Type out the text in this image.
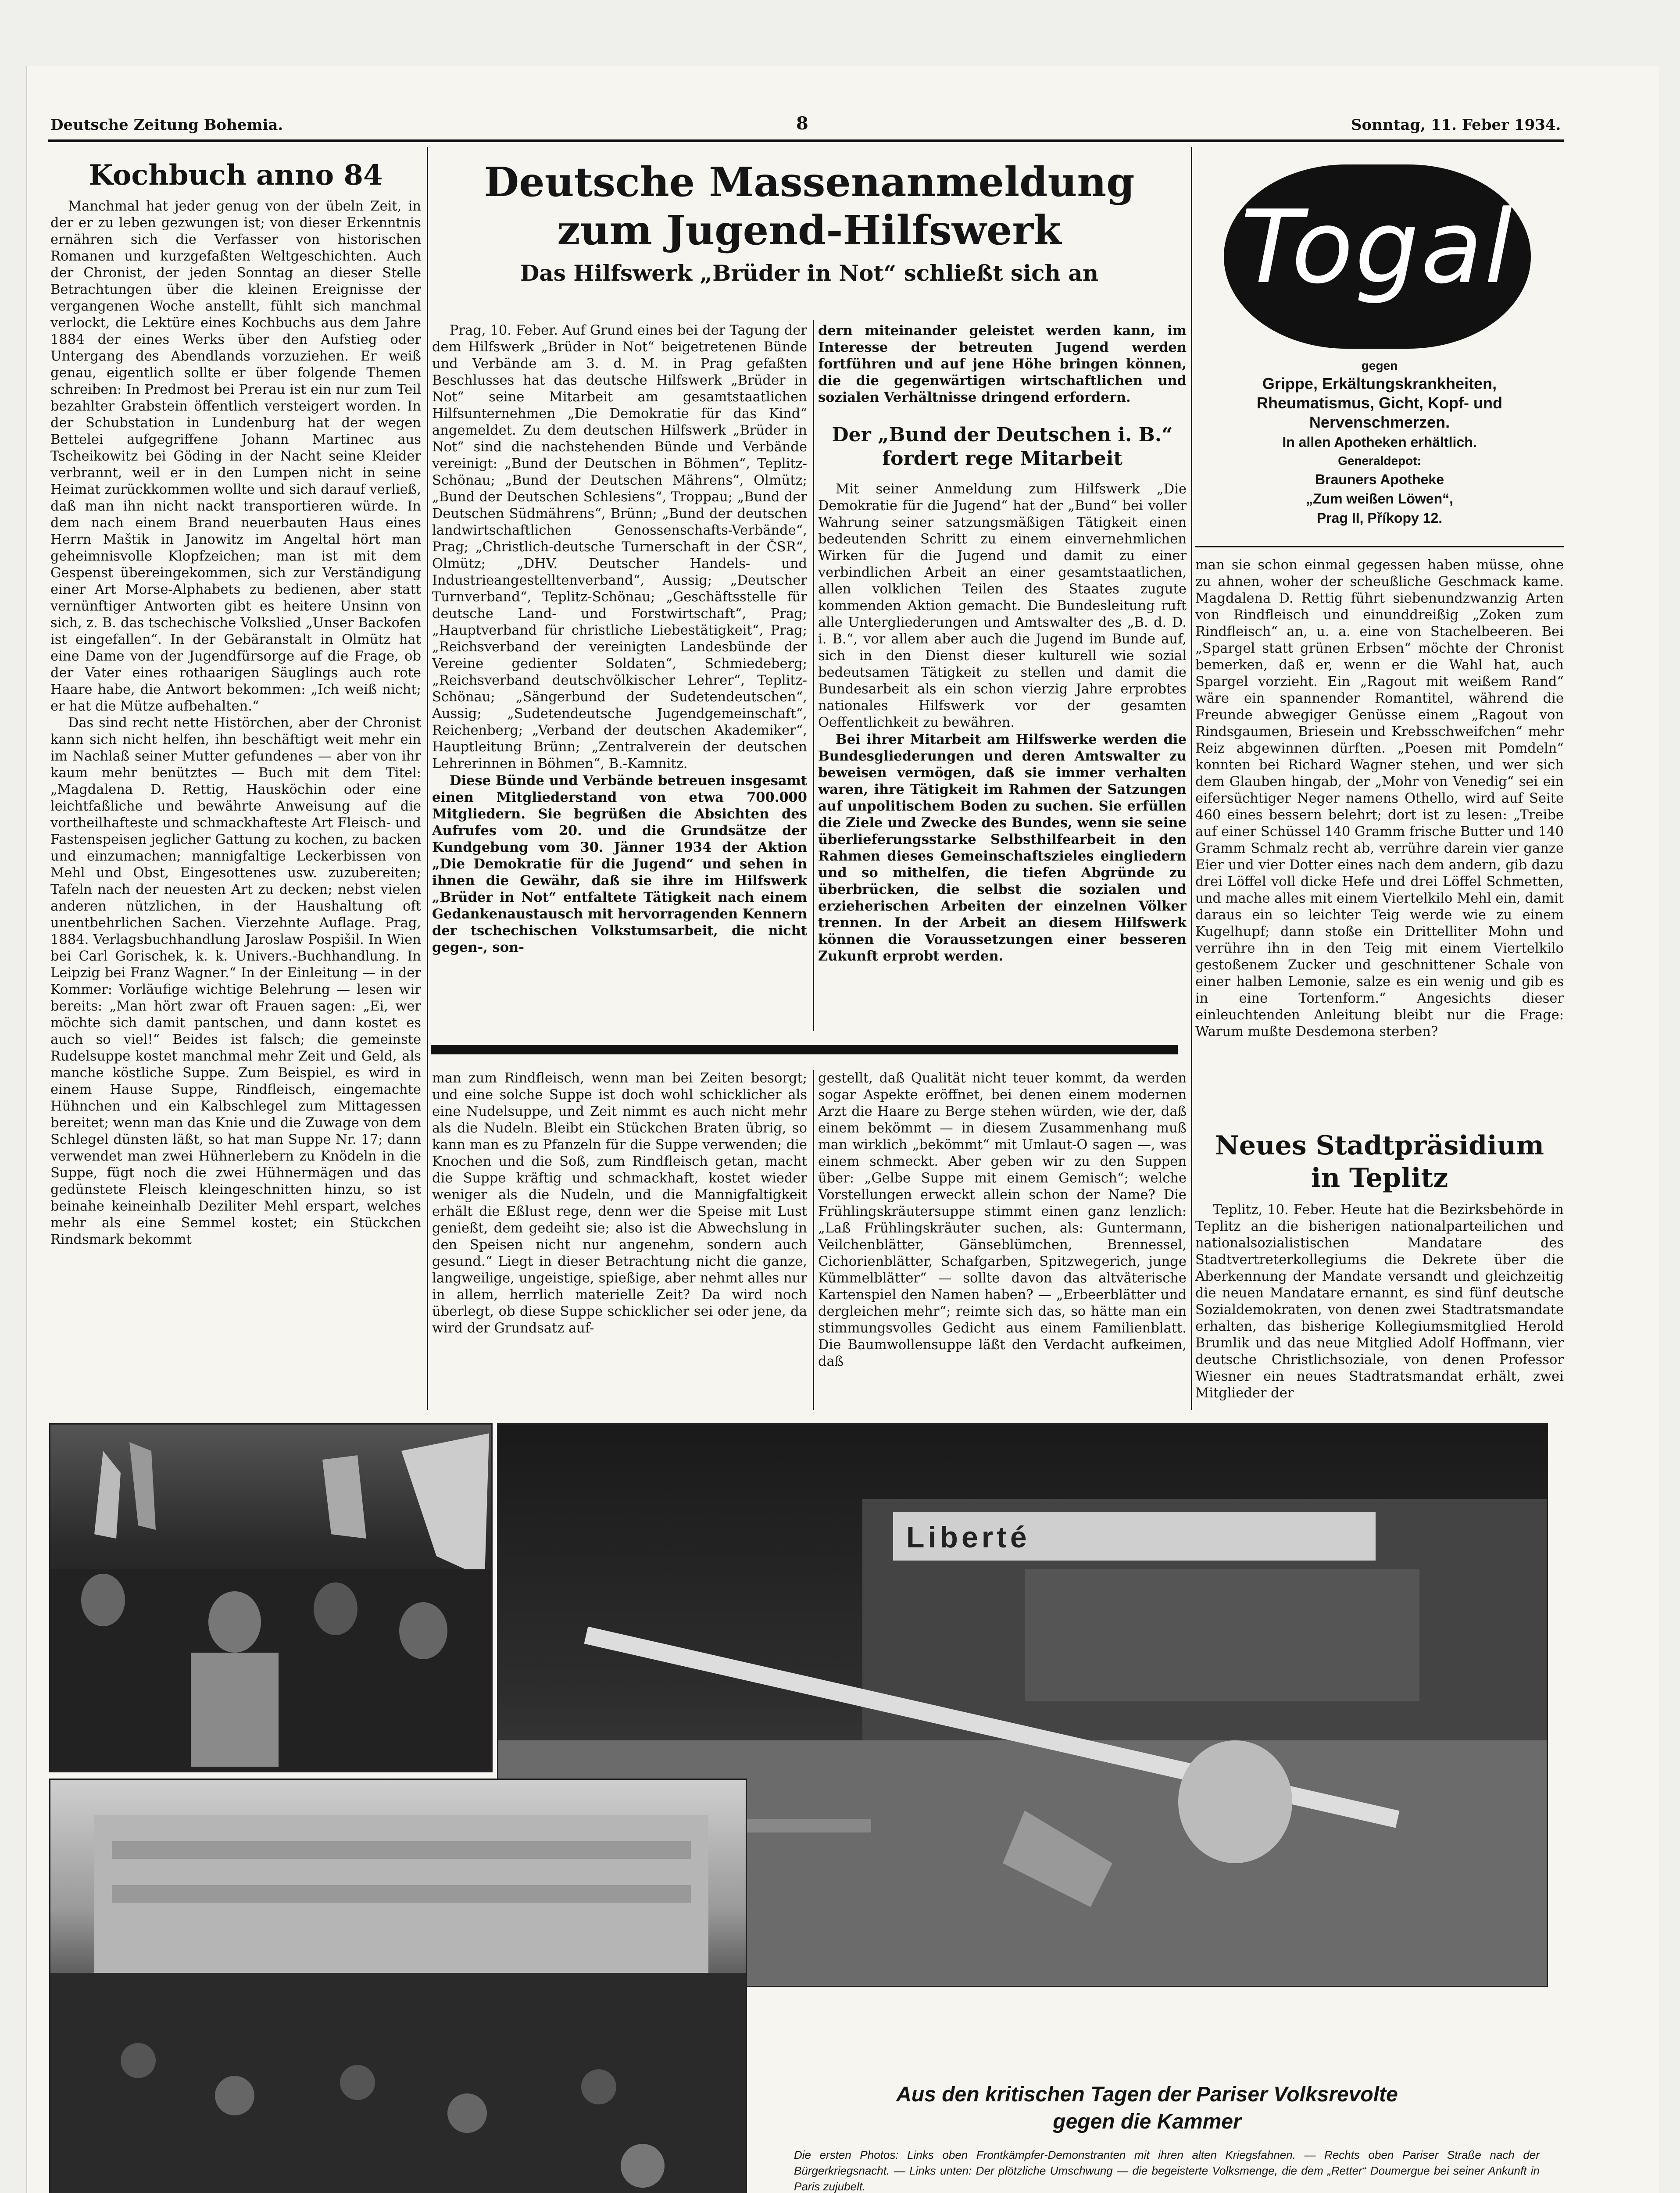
Deutsche Zeitung Bohemia.	8	Sonntag, 11. Feber 1934.
Kochbuch anno 84

Manchmal hat jeder genug von der übeln Zeit, in der er zu leben gezwungen ist; von dieser Erkenntnis ernähren sich die Verfasser von historischen Romanen und kurzgefaßten Weltgeschichten. Auch der Chronist, der jeden Sonntag an dieser Stelle Betrachtungen über die kleinen Ereignisse der vergangenen Woche anstellt, fühlt sich manchmal verlockt, die Lektüre eines Kochbuchs aus dem Jahre 1884 der eines Werks über den Aufstieg oder Untergang des Abendlands vorzuziehen. Er weiß genau, eigentlich sollte er über folgende Themen schreiben: In Predmost bei Prerau ist ein nur zum Teil bezahlter Grabstein öffentlich versteigert worden. In der Schubstation in Lundenburg hat der wegen Bettelei aufgegriffene Johann Martinec aus Tscheikowitz bei Göding in der Nacht seine Kleider verbrannt, weil er in den Lumpen nicht in seine Heimat zurückkommen wollte und sich darauf verließ, daß man ihn nicht nackt transportieren würde. In dem nach einem Brand neuerbauten Haus eines Herrn Maštik in Janowitz im Angeltal hört man geheimnisvolle Klopfzeichen; man ist mit dem Gespenst übereingekommen, sich zur Verständigung einer Art Morse-Alphabets zu bedienen, aber statt vernünftiger Antworten gibt es heitere Unsinn von sich, z. B. das tschechische Volkslied „Unser Backofen ist eingefallen“. In der Gebäranstalt in Olmütz hat eine Dame von der Jugendfürsorge auf die Frage, ob der Vater eines rothaarigen Säuglings auch rote Haare habe, die Antwort bekommen: „Ich weiß nicht; er hat die Mütze aufbehalten.“

Das sind recht nette Histörchen, aber der Chronist kann sich nicht helfen, ihn beschäftigt weit mehr ein im Nachlaß seiner Mutter gefundenes — aber von ihr kaum mehr benütztes — Buch mit dem Titel: „Magdalena D. Rettig, Hausköchin oder eine leichtfaßliche und bewährte Anweisung auf die vortheilhafteste und schmackhafteste Art Fleisch- und Fastenspeisen jeglicher Gattung zu kochen, zu backen und einzumachen; mannigfaltige Leckerbissen von Mehl und Obst, Eingesottenes usw. zuzubereiten; Tafeln nach der neuesten Art zu decken; nebst vielen anderen nützlichen, in der Haushaltung oft unentbehrlichen Sachen. Vierzehnte Auflage. Prag, 1884. Verlagsbuchhandlung Jaroslaw Pospišil. In Wien bei Carl Gorischek, k. k. Univers.-Buchhandlung. In Leipzig bei Franz Wagner.“ In der Einleitung — in der Kommer: Vorläufige wichtige Belehrung — lesen wir bereits: „Man hört zwar oft Frauen sagen: „Ei, wer möchte sich damit pantschen, und dann kostet es auch so viel!“ Beides ist falsch; die gemeinste Rudelsuppe kostet manchmal mehr Zeit und Geld, als manche köstliche Suppe. Zum Beispiel, es wird in einem Hause Suppe, Rindfleisch, eingemachte Hühnchen und ein Kalbschlegel zum Mittagessen bereitet; wenn man das Knie und die Zuwage von dem Schlegel dünsten läßt, so hat man Suppe Nr. 17; dann verwendet man zwei Hühnerlebern zu Knödeln in die Suppe, fügt noch die zwei Hühnermägen und das gedünstete Fleisch kleingeschnitten hinzu, so ist beinahe keineinhalb Deziliter Mehl erspart, welches mehr als eine Semmel kostet; ein Stückchen Rindsmark bekommt

Deutsche Massenanmeldung
zum Jugend-Hilfswerk
Das Hilfswerk „Brüder in Not“ schließt sich an

Prag, 10. Feber. Auf Grund eines bei der Tagung der dem Hilfswerk „Brüder in Not“ beigetretenen Bünde und Verbände am 3. d. M. in Prag gefaßten Beschlusses hat das deutsche Hilfswerk „Brüder in Not“ seine Mitarbeit am gesamtstaatlichen Hilfsunternehmen „Die Demokratie für das Kind“ angemeldet. Zu dem deutschen Hilfswerk „Brüder in Not“ sind die nachstehenden Bünde und Verbände vereinigt: „Bund der Deutschen in Böhmen“, Teplitz-Schönau; „Bund der Deutschen Mährens“, Olmütz; „Bund der Deutschen Schlesiens“, Troppau; „Bund der Deutschen Südmährens“, Brünn; „Bund der deutschen landwirtschaftlichen Genossenschafts-Verbände“, Prag; „Christlich-deutsche Turnerschaft in der ČSR“, Olmütz; „DHV. Deutscher Handels- und Industrieangestelltenverband“, Aussig; „Deutscher Turnverband“, Teplitz-Schönau; „Geschäftsstelle für deutsche Land- und Forstwirtschaft“, Prag; „Hauptverband für christliche Liebestätigkeit“, Prag; „Reichsverband der vereinigten Landesbünde der Vereine gedienter Soldaten“, Schmiedeberg; „Reichsverband deutschvölkischer Lehrer“, Teplitz-Schönau; „Sängerbund der Sudetendeutschen“, Aussig; „Sudetendeutsche Jugendgemeinschaft“, Reichenberg; „Verband der deutschen Akademiker“, Hauptleitung Brünn; „Zentralverein der deutschen Lehrerinnen in Böhmen“, B.-Kamnitz.

Diese Bünde und Verbände betreuen insgesamt einen Mitgliederstand von etwa 700.000 Mitgliedern. Sie begrüßen die Absichten des Aufrufes vom 20. und die Grundsätze der Kundgebung vom 30. Jänner 1934 der Aktion „Die Demokratie für die Jugend“ und sehen in ihnen die Gewähr, daß sie ihre im Hilfswerk „Brüder in Not“ entfaltete Tätigkeit nach einem Gedankenaustausch mit hervorragenden Kennern der tschechischen Volkstumsarbeit, die nicht gegen-, son-

dern miteinander geleistet werden kann, im Interesse der betreuten Jugend werden fortführen und auf jene Höhe bringen können, die die gegenwärtigen wirtschaftlichen und sozialen Verhältnisse dringend erfordern.

Der „Bund der Deutschen i. B.“
fordert rege Mitarbeit

Mit seiner Anmeldung zum Hilfswerk „Die Demokratie für die Jugend“ hat der „Bund“ bei voller Wahrung seiner satzungsmäßigen Tätigkeit einen bedeutenden Schritt zu einem einvernehmlichen Wirken für die Jugend und damit zu einer verbindlichen Arbeit an einer gesamtstaatlichen, allen volklichen Teilen des Staates zugute kommenden Aktion gemacht. Die Bundesleitung ruft alle Untergliederungen und Amtswalter des „B. d. D. i. B.“, vor allem aber auch die Jugend im Bunde auf, sich in den Dienst dieser kulturell wie sozial bedeutsamen Tätigkeit zu stellen und damit die Bundesarbeit als ein schon vierzig Jahre erprobtes nationales Hilfswerk vor der gesamten Oeffentlichkeit zu bewähren.

Bei ihrer Mitarbeit am Hilfswerke werden die Bundesgliederungen und deren Amtswalter zu beweisen vermögen, daß sie immer verhalten waren, ihre Tätigkeit im Rahmen der Satzungen auf unpolitischem Boden zu suchen. Sie erfüllen die Ziele und Zwecke des Bundes, wenn sie seine überlieferungsstarke Selbsthilfearbeit in den Rahmen dieses Gemeinschaftszieles eingliedern und so mithelfen, die tiefen Abgründe zu überbrücken, die selbst die sozialen und erzieherischen Arbeiten der einzelnen Völker trennen. In der Arbeit an diesem Hilfswerk können die Voraussetzungen einer besseren Zukunft erprobt werden.

man zum Rindfleisch, wenn man bei Zeiten besorgt; und eine solche Suppe ist doch wohl schicklicher als eine Nudelsuppe, und Zeit nimmt es auch nicht mehr als die Nudeln. Bleibt ein Stückchen Braten übrig, so kann man es zu Pfanzeln für die Suppe verwenden; die Knochen und die Soß, zum Rindfleisch getan, macht die Suppe kräftig und schmackhaft, kostet wieder weniger als die Nudeln, und die Mannigfaltigkeit erhält die Eßlust rege, denn wer die Speise mit Lust genießt, dem gedeiht sie; also ist die Abwechslung in den Speisen nicht nur angenehm, sondern auch gesund.“ Liegt in dieser Betrachtung nicht die ganze, langweilige, ungeistige, spießige, aber nehmt alles nur in allem, herrlich materielle Zeit? Da wird noch überlegt, ob diese Suppe schicklicher sei oder jene, da wird der Grundsatz auf-

gestellt, daß Qualität nicht teuer kommt, da werden sogar Aspekte eröffnet, bei denen einem modernen Arzt die Haare zu Berge stehen würden, wie der, daß einem bekömmt — in diesem Zusammenhang muß man wirklich „bekömmt“ mit Umlaut-O sagen —, was einem schmeckt. Aber geben wir zu den Suppen über: „Gelbe Suppe mit einem Gemisch“; welche Vorstellungen erweckt allein schon der Name? Die Frühlingskräutersuppe stimmt einen ganz lenzlich: „Laß Frühlingskräuter suchen, als: Guntermann, Veilchenblätter, Gänseblümchen, Brennessel, Cichorienblätter, Schafgarben, Spitzwegerich, junge Kümmelblätter“ — sollte davon das altväterische Kartenspiel den Namen haben? — „Erbeerblätter und dergleichen mehr“; reimte sich das, so hätte man ein stimmungsvolles Gedicht aus einem Familienblatt. Die Baumwollensuppe läßt den Verdacht aufkeimen, daß

Togal
gegen
Grippe, Erkältungskrankheiten,
Rheumatismus, Gicht, Kopf- und
Nervenschmerzen.
In allen Apotheken erhältlich.
Generaldepot:
Brauners Apotheke
„Zum weißen Löwen“,
Prag II, Příkopy 12.

man sie schon einmal gegessen haben müsse, ohne zu ahnen, woher der scheußliche Geschmack kame. Magdalena D. Rettig führt siebenundzwanzig Arten von Rindfleisch und einunddreißig „Zoken zum Rindfleisch“ an, u. a. eine von Stachelbeeren. Bei „Spargel statt grünen Erbsen“ möchte der Chronist bemerken, daß er, wenn er die Wahl hat, auch Spargel vorzieht. Ein „Ragout mit weißem Rand“ wäre ein spannender Romantitel, während die Freunde abwegiger Genüsse einem „Ragout von Rindsgaumen, Briesein und Krebsschweifchen“ mehr Reiz abgewinnen dürften. „Poesen mit Pomdeln“ konnten bei Richard Wagner stehen, und wer sich dem Glauben hingab, der „Mohr von Venedig“ sei ein eifersüchtiger Neger namens Othello, wird auf Seite 460 eines bessern belehrt; dort ist zu lesen: „Treibe auf einer Schüssel 140 Gramm frische Butter und 140 Gramm Schmalz recht ab, verrühre darein vier ganze Eier und vier Dotter eines nach dem andern, gib dazu drei Löffel voll dicke Hefe und drei Löffel Schmetten, und mache alles mit einem Viertelkilo Mehl ein, damit daraus ein so leichter Teig werde wie zu einem Kugelhupf; dann stoße ein Drittelliter Mohn und verrühre ihn in den Teig mit einem Viertelkilo gestoßenem Zucker und geschnittener Schale von einer halben Lemonie, salze es ein wenig und gib es in eine Tortenform.“ Angesichts dieser einleuchtenden Anleitung bleibt nur die Frage: Warum mußte Desdemona sterben?

Neues Stadtpräsidium
in Teplitz

Teplitz, 10. Feber. Heute hat die Bezirksbehörde in Teplitz an die bisherigen nationalparteilichen und nationalsozialistischen Mandatare des Stadtvertreterkollegiums die Dekrete über die Aberkennung der Mandate versandt und gleichzeitig die neuen Mandatare ernannt, es sind fünf deutsche Sozialdemokraten, von denen zwei Stadtratsmandate erhalten, das bisherige Kollegiumsmitglied Herold Brumlik und das neue Mitglied Adolf Hoffmann, vier deutsche Christlichsoziale, von denen Professor Wiesner ein neues Stadtratsmandat erhält, zwei Mitglieder der

Liberté
Aus den kritischen Tagen der Pariser Volksrevolte
gegen die Kammer
Die ersten Photos: Links oben Frontkämpfer-Demonstranten mit ihren alten Kriegsfahnen. — Rechts oben Pariser Straße nach der Bürgerkriegsnacht. — Links unten: Der plötzliche Umschwung — die begeisterte Volksmenge, die dem „Retter“ Doumergue bei seiner Ankunft in Paris zujubelt.
